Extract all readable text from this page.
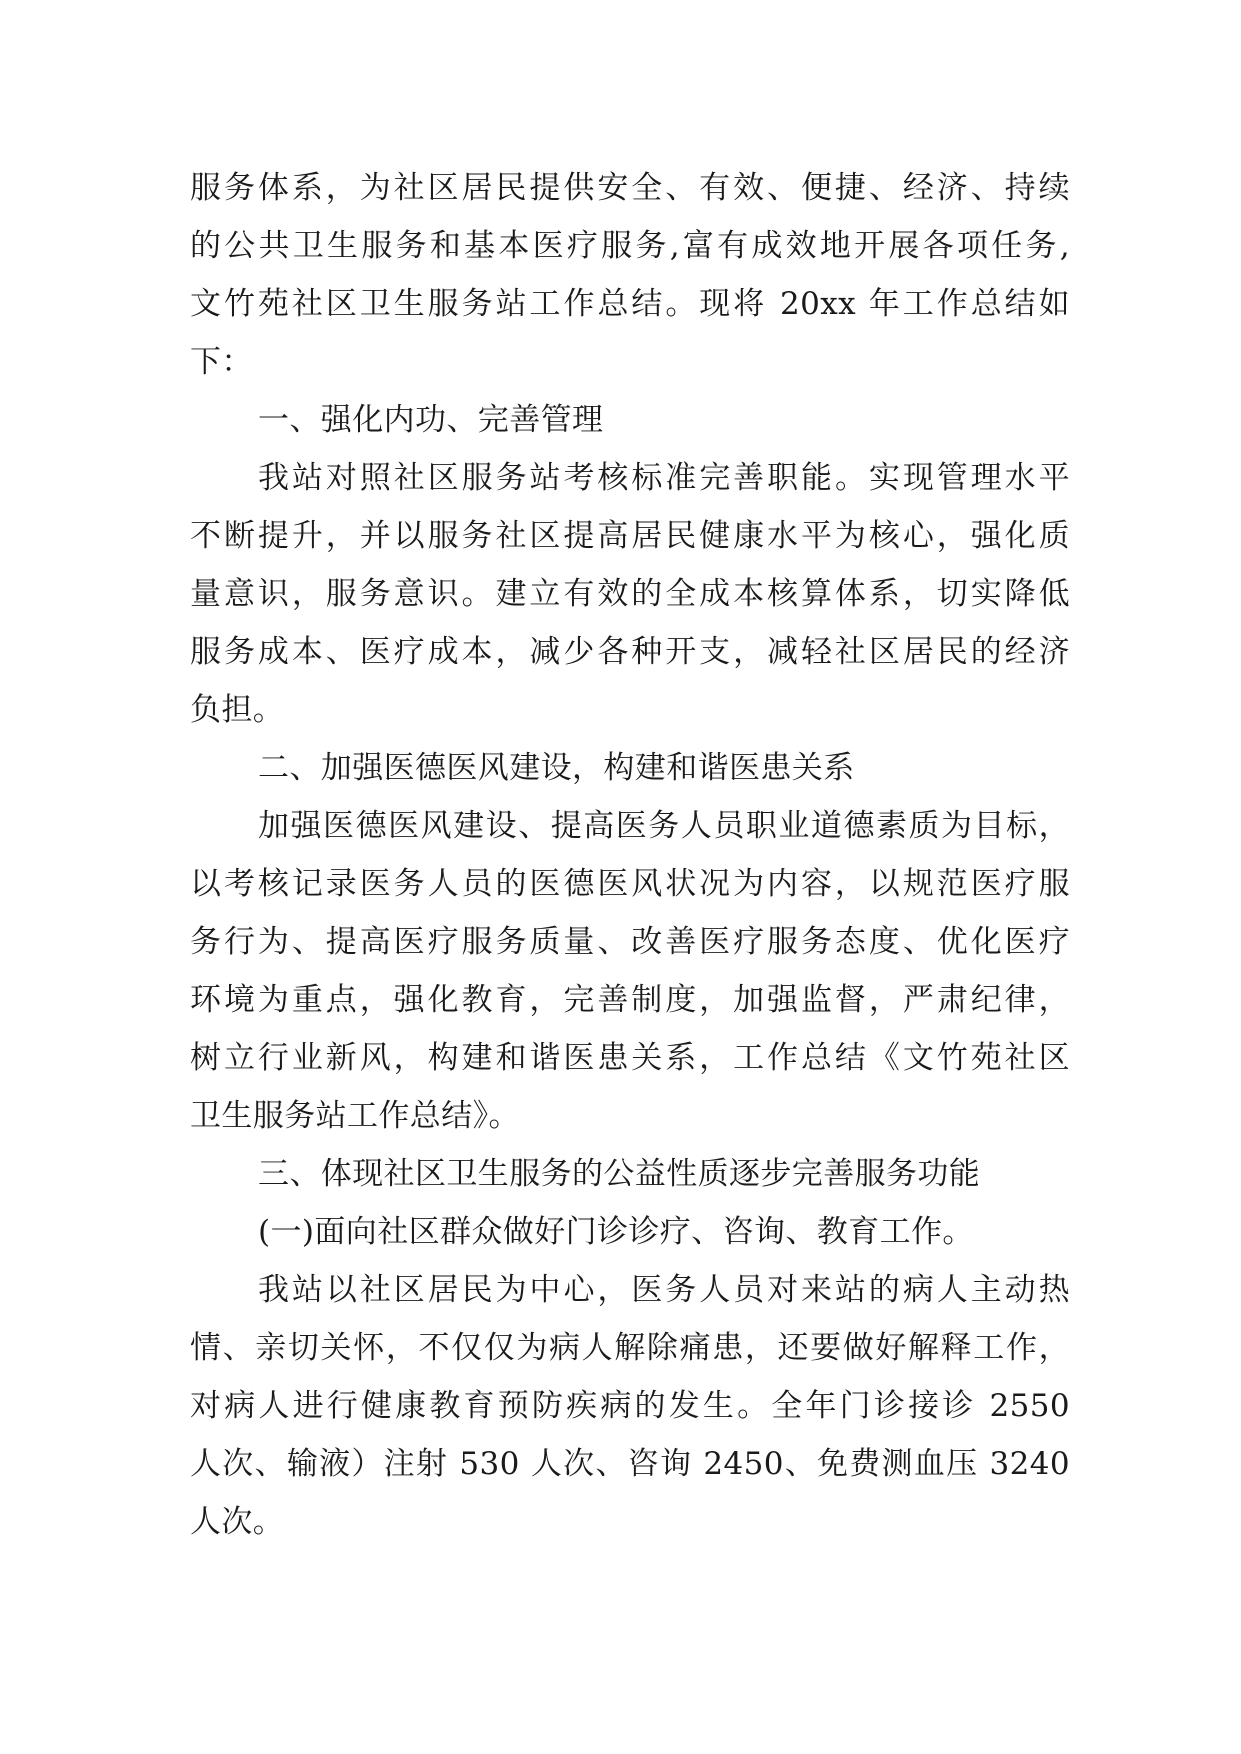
服务体系，为社区居民提供安全、有效、便捷、经济、持续
的公共卫生服务和基本医疗服务,富有成效地开展各项任务,
文竹苑社区卫生服务站工作总结。现将 20xx 年工作总结如
下：
一、强化内功、完善管理
我站对照社区服务站考核标准完善职能。实现管理水平
不断提升，并以服务社区提高居民健康水平为核心，强化质
量意识，服务意识。建立有效的全成本核算体系，切实降低
服务成本、医疗成本，减少各种开支，减轻社区居民的经济
负担。
二、加强医德医风建设，构建和谐医患关系
加强医德医风建设、提高医务人员职业道德素质为目标，
以考核记录医务人员的医德医风状况为内容，以规范医疗服
务行为、提高医疗服务质量、改善医疗服务态度、优化医疗
环境为重点，强化教育，完善制度，加强监督，严肃纪律，
树立行业新风，构建和谐医患关系，工作总结《文竹苑社区
卫生服务站工作总结》。
三、体现社区卫生服务的公益性质逐步完善服务功能
(一)面向社区群众做好门诊诊疗、咨询、教育工作。
我站以社区居民为中心，医务人员对来站的病人主动热
情、亲切关怀，不仅仅为病人解除痛患，还要做好解释工作，
对病人进行健康教育预防疾病的发生。全年门诊接诊 2550
人次、输液）注射 530 人次、咨询 2450、免费测血压 3240
人次。
